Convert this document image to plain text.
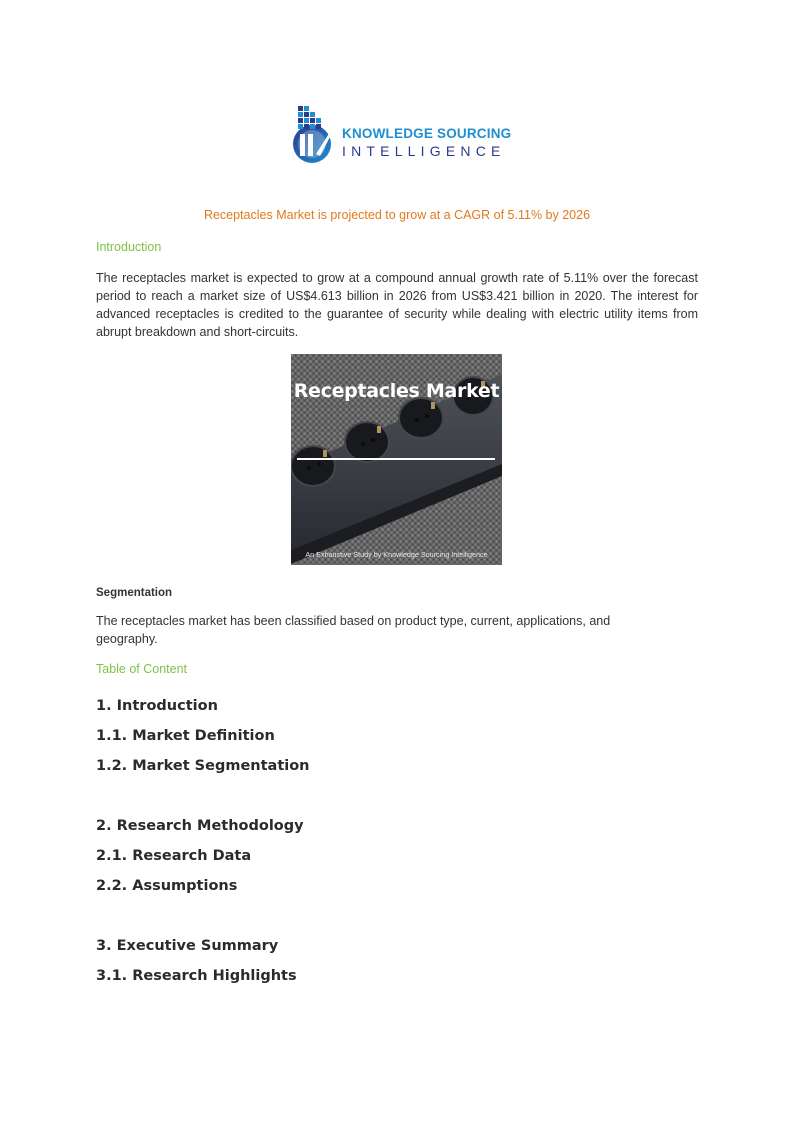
KNOWLEDGE SOURCING
INTELLIGENCE
Receptacles Market is projected to grow at a CAGR of 5.11% by 2026
Introduction
The receptacles market is expected to grow at a compound annual growth rate of 5.11% over the forecast period to reach a market size of US$4.613 billion in 2026 from US$3.421 billion in 2020. The interest for advanced receptacles is credited to the guarantee of security while dealing with electric utility items from abrupt breakdown and short-circuits.
Receptacles Market
An Exhaustive Study by Knowledge Sourcing Intelligence
Segmentation
The receptacles market has been classified based on product type, current, applications, and geography.
Table of Content
1. Introduction
1.1. Market Definition
1.2. Market Segmentation
2. Research Methodology
2.1. Research Data
2.2. Assumptions
3. Executive Summary
3.1. Research Highlights
